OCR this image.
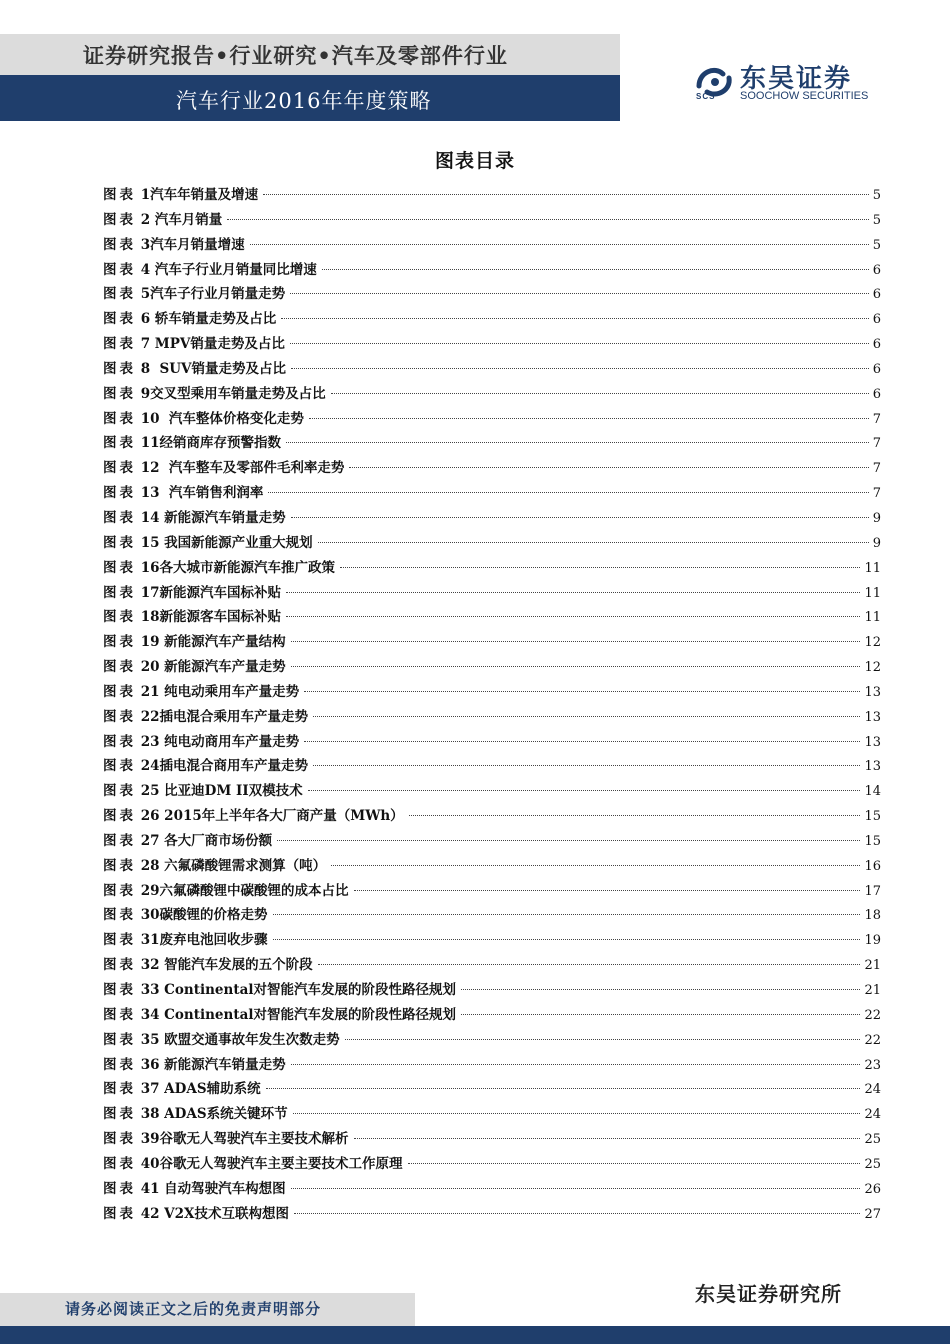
证券研究报告•行业研究•汽车及零部件行业
汽车行业2016年年度策略
东吴证券
SOOCHOW SECURITIES
SCS
图表目录
图表 1汽车年销量及增速	5
图表 2 汽车月销量	5
图表 3汽车月销量增速	5
图表 4 汽车子行业月销量同比增速	6
图表 5汽车子行业月销量走势	6
图表 6 轿车销量走势及占比	6
图表 7 MPV销量走势及占比	6
图表 8  SUV销量走势及占比	6
图表 9交叉型乘用车销量走势及占比	6
图表 10  汽车整体价格变化走势	7
图表 11经销商库存预警指数	7
图表 12  汽车整车及零部件毛利率走势	7
图表 13  汽车销售利润率	7
图表 14 新能源汽车销量走势	9
图表 15 我国新能源产业重大规划	9
图表 16各大城市新能源汽车推广政策	11
图表 17新能源汽车国标补贴	11
图表 18新能源客车国标补贴	11
图表 19 新能源汽车产量结构	12
图表 20 新能源汽车产量走势	12
图表 21 纯电动乘用车产量走势	13
图表 22插电混合乘用车产量走势	13
图表 23 纯电动商用车产量走势	13
图表 24插电混合商用车产量走势	13
图表 25 比亚迪DM II双模技术	14
图表 26 2015年上半年各大厂商产量（MWh）	15
图表 27 各大厂商市场份额	15
图表 28 六氟磷酸锂需求测算（吨）	16
图表 29六氟磷酸锂中碳酸锂的成本占比	17
图表 30碳酸锂的价格走势	18
图表 31废弃电池回收步骤	19
图表 32 智能汽车发展的五个阶段	21
图表 33 Continental对智能汽车发展的阶段性路径规划	21
图表 34 Continental对智能汽车发展的阶段性路径规划	22
图表 35 欧盟交通事故年发生次数走势	22
图表 36 新能源汽车销量走势	23
图表 37 ADAS辅助系统	24
图表 38 ADAS系统关键环节	24
图表 39谷歌无人驾驶汽车主要技术解析	25
图表 40谷歌无人驾驶汽车主要主要技术工作原理	25
图表 41 自动驾驶汽车构想图	26
图表 42 V2X技术互联构想图	27
请务必阅读正文之后的免责声明部分
东吴证券研究所
